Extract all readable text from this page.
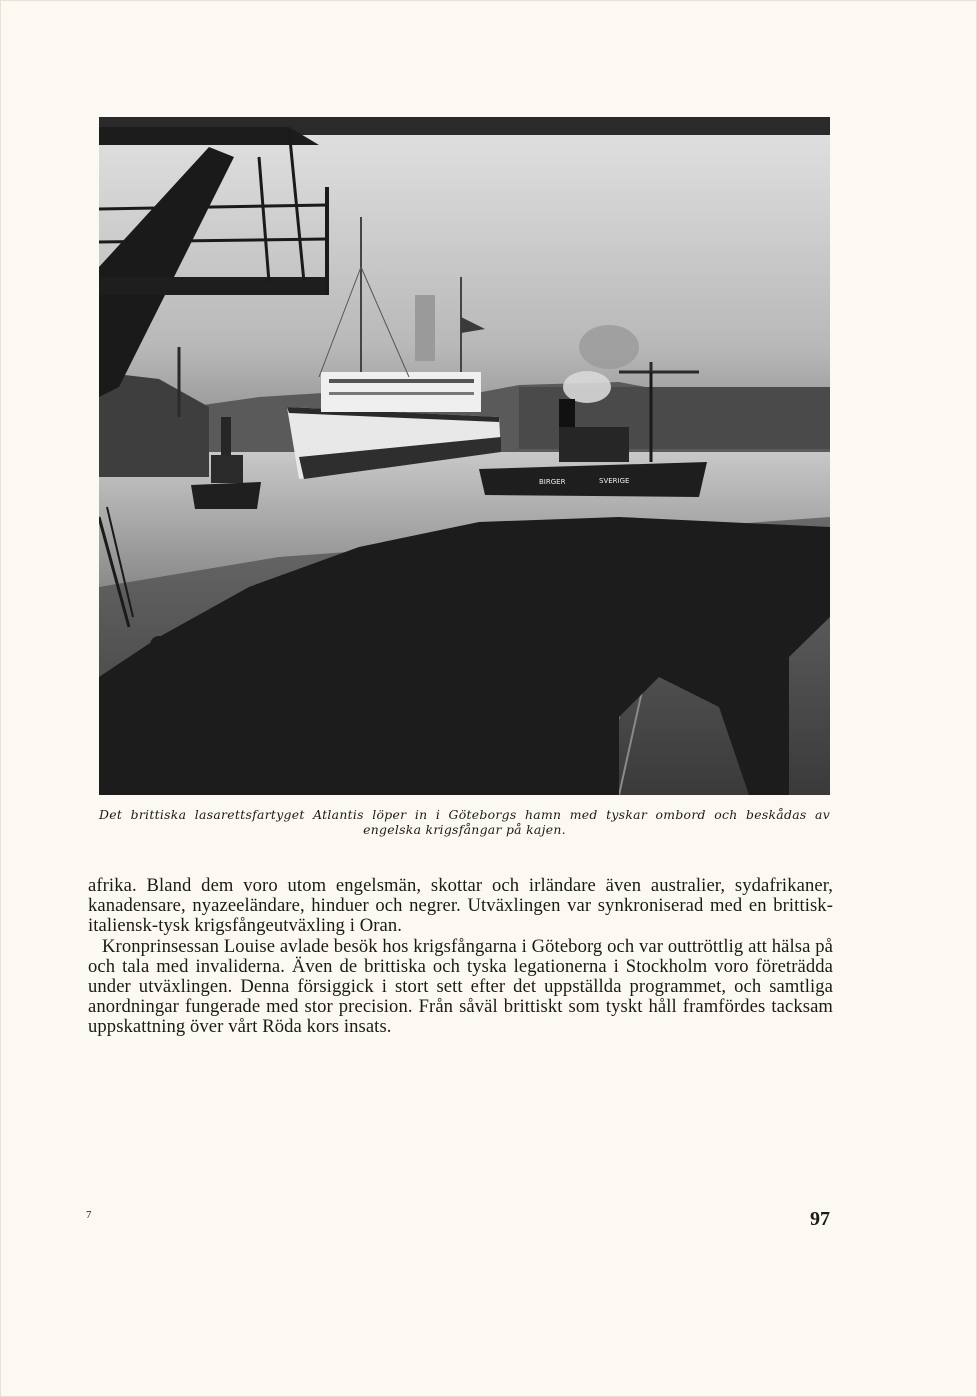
BIRGER	SVERIGE
Det brittiska lasarettsfartyget Atlantis löper in i Göteborgs hamn med tyskar ombord och beskådas av engelska krigsfångar på kajen.

afrika. Bland dem voro utom engelsmän, skottar och irländare även australier, sydafrikaner, kanadensare, nyazeeländare, hinduer och negrer. Utväxlingen var synkroniserad med en brittisk-italiensk-tysk krigsfångeutväxling i Oran.

Kronprinsessan Louise avlade besök hos krigsfångarna i Göteborg och var outtröttlig att hälsa på och tala med invaliderna. Även de brittiska och tyska legationerna i Stockholm voro företrädda under utväxlingen. Denna försiggick i stort sett efter det uppställda programmet, och samtliga anordningar fungerade med stor precision. Från såväl brittiskt som tyskt håll framfördes tacksam uppskattning över vårt Röda kors insats.

7	97
